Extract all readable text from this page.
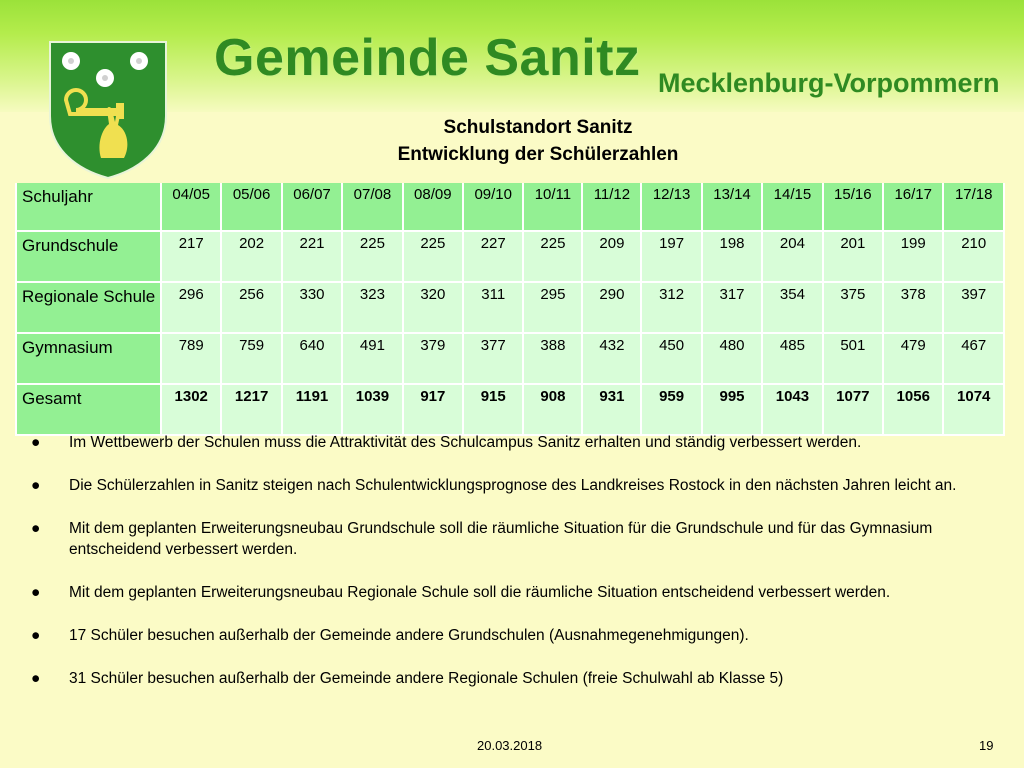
Gemeinde Sanitz Mecklenburg-Vorpommern
Schulstandort Sanitz
Entwicklung der Schülerzahlen
Schuljahr	04/05	05/06	06/07	07/08	08/09	09/10	10/11	11/12	12/13	13/14	14/15	15/16	16/17	17/18
Grundschule	217	202	221	225	225	227	225	209	197	198	204	201	199	210
Regionale Schule	296	256	330	323	320	311	295	290	312	317	354	375	378	397
Gymnasium	789	759	640	491	379	377	388	432	450	480	485	501	479	467
Gesamt	1302	1217	1191	1039	917	915	908	931	959	995	1043	1077	1056	1074
● Im Wettbewerb der Schulen muss die Attraktivität des Schulcampus Sanitz erhalten und ständig verbessert werden.
● Die Schülerzahlen in Sanitz steigen nach Schulentwicklungsprognose des Landkreises Rostock in den nächsten Jahren leicht an.
● Mit dem geplanten Erweiterungsneubau Grundschule soll die räumliche Situation für die Grundschule und für das Gymnasium entscheidend verbessert werden.
● Mit dem geplanten Erweiterungsneubau Regionale Schule soll die räumliche Situation entscheidend verbessert werden.
● 17 Schüler besuchen außerhalb der Gemeinde andere Grundschulen (Ausnahmegenehmigungen).
● 31 Schüler besuchen außerhalb der Gemeinde andere Regionale Schulen (freie Schulwahl ab Klasse 5)
20.03.2018	19
